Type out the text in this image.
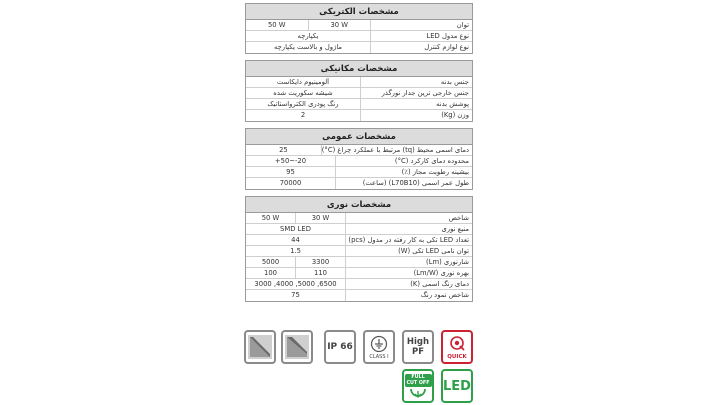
مشخصات الکتریکی
50 W	30 W	توان
یکپارچه	نوع مدول LED
ماژول و بالاست یکپارچه	نوع لوازم کنترل
مشخصات مکانیکی
آلومینیوم دایکاست	جنس بدنه
شیشه سکوریت شده	جنس خارجی ترین جدار نورگذر
رنگ پودری الکترواستاتیک	پوشش بدنه
2	وزن (Kg)
مشخصات عمومی
25	دمای اسمی محیط (tq) مرتبط با عملکرد چراغ (C°)
+50~-20	محدوده دمای کارکرد (C°)
95	بیشینه رطوبت مجاز (٪)
70000	طول عمر اسمی (L70B10) (ساعت)
مشخصات نوری
50 W	30 W	شاخص
SMD LED	منبع نوری
44	تعداد LED تکی به کار رفته در مدول (pcs)
1.5	توان نامی LED تکی (W)
5000	3300	شارنوری (Lm)
100	110	بهره نوری (Lm/W)
3000 ,4000 ,5000 ,6500	دمای رنگ اسمی (K)
75	شاخص نمود رنگ
IP 66
CLASS I
High
PF	QUICK
FULL
CUT OFF LED
